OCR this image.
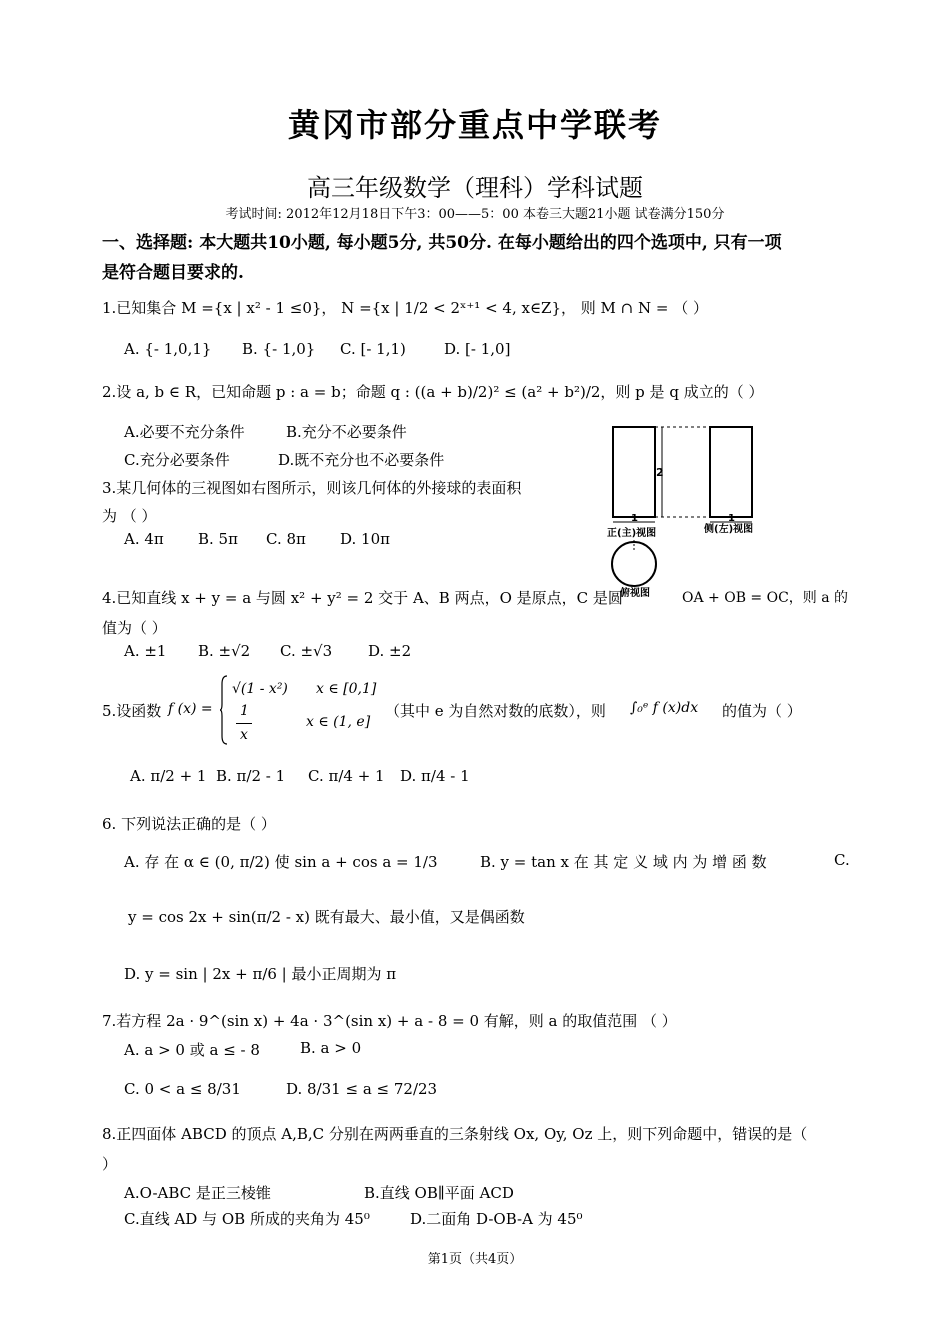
黄冈市部分重点中学联考
高三年级数学（理科）学科试题
考试时间: 2012年12月18日下午3：00——5：00 本卷三大题21小题 试卷满分150分
一、选择题: 本大题共10小题, 每小题5分, 共50分. 在每小题给出的四个选项中, 只有一项
是符合题目要求的.
1.已知集合 M ={x | x² - 1 ≤0}， N ={x | 1/2 < 2ˣ⁺¹ < 4, x∈Z}， 则 M ∩ N = （ ）
A. {- 1,0,1} B. {- 1,0} C. [- 1,1)	D. [- 1,0]
2.设 a, b ∈ R，已知命题 p : a = b；命题 q : ((a + b)/2)² ≤ (a² + b²)/2，则 p 是 q 成立的（ ）
A.必要不充分条件	B.充分不必要条件
C.充分必要条件	D.既不充分也不必要条件
3.某几何体的三视图如右图所示，则该几何体的外接球的表面积
为 （ ）
A. 4π B. 5π C. 8π D. 10π
2
1	1
正(主)视图	侧(左)视图
俯视图
4.已知直线 x + y = a 与圆 x² + y² = 2 交于 A、B 两点，O 是原点，C 是圆	OA + OB = OC，则 a 的
值为（ ）
A. ±1 B. ±√2 C. ±√3 D. ±2
5.设函数 f (x) =
√(1 - x²) x ∈ [0,1]
1
x
x ∈ (1, e]
（其中 e 为自然对数的底数），则 ∫₀ᵉ f (x)dx 的值为（ ）
A. π/2 + 1 B. π/2 - 1 C. π/4 + 1 D. π/4 - 1
6. 下列说法正确的是（ ）
A. 存 在 α ∈ (0, π/2) 使 sin a + cos a = 1/3	B. y = tan x 在 其 定 义 域 内 为 增 函 数	C.
y = cos 2x + sin(π/2 - x) 既有最大、最小值，又是偶函数
D. y = sin | 2x + π/6 | 最小正周期为 π
7.若方程 2a · 9^(sin x) + 4a · 3^(sin x) + a - 8 = 0 有解，则 a 的取值范围 （ ）
A. a > 0 或 a ≤ - 8	B. a > 0
C. 0 < a ≤ 8/31	D. 8/31 ≤ a ≤ 72/23
8.正四面体 ABCD 的顶点 A,B,C 分别在两两垂直的三条射线 Ox, Oy, Oz 上，则下列命题中，错误的是（
）
A.O-ABC 是正三棱锥	B.直线 OB∥平面 ACD
C.直线 AD 与 OB 所成的夹角为 45⁰	D.二面角 D-OB-A 为 45⁰
第1页（共4页）
